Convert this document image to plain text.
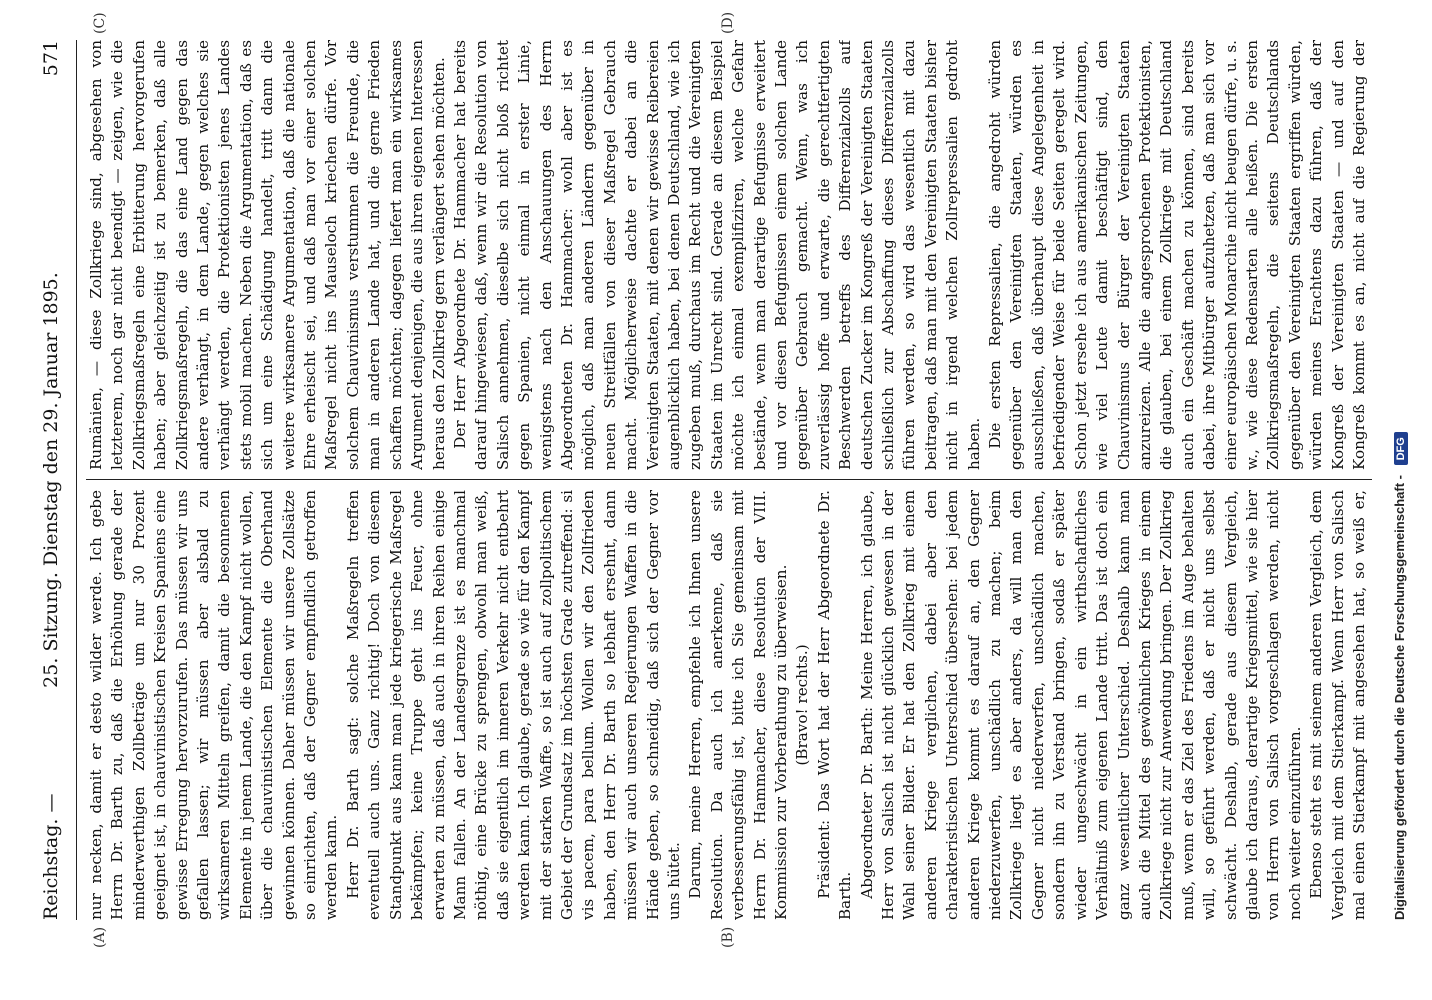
Reichstag. —
25. Sitzung. Dienstag den 29. Januar 1895.
571
(A)	(B)
(C)	(D)

nur necken, damit er desto wilder werde. Ich gebe Herrn Dr. Barth zu, daß die Erhöhung gerade der minderwerthigen Zollbeträge um nur 30 Prozent geeignet ist, in chauvinistischen Kreisen Spaniens eine gewisse Erregung hervorzurufen. Das müssen wir uns gefallen lassen; wir müssen aber alsbald zu wirksameren Mitteln greifen, damit die besonnenen Elemente in jenem Lande, die den Kampf nicht wollen, über die chauvinistischen Elemente die Oberhand gewinnen können. Daher müssen wir unsere Zollsätze so einrichten, daß der Gegner empfindlich getroffen werden kann. Herr Dr. Barth sagt: solche Maßregeln treffen eventuell auch uns. Ganz richtig! Doch von diesem Standpunkt aus kann man jede kriegerische Maßregel bekämpfen; keine Truppe geht ins Feuer, ohne erwarten zu müssen, daß auch in ihren Reihen einige Mann fallen. An der Landesgrenze ist es manchmal nöthig, eine Brücke zu sprengen, obwohl man weiß, daß sie eigentlich im inneren Verkehr nicht entbehrt werden kann. Ich glaube, gerade so wie für den Kampf mit der starken Waffe, so ist auch auf zollpolitischem Gebiet der Grundsatz im höchsten Grade zutreffend: si vis pacem, para bellum. Wollen wir den Zollfrieden haben, den Herr Dr. Barth so lebhaft ersehnt, dann müssen wir auch unseren Regierungen Waffen in die Hände geben, so schneidig, daß sich der Gegner vor uns hütet. Darum, meine Herren, empfehle ich Ihnen unsere Resolution. Da auch ich anerkenne, daß sie verbesserungsfähig ist, bitte ich Sie gemeinsam mit Herrn Dr. Hammacher, diese Resolution der VIII. Kommission zur Vorberathung zu überweisen. (Bravo! rechts.) Präsident: Das Wort hat der Herr Abgeordnete Dr. Barth. Abgeordneter Dr. Barth: Meine Herren, ich glaube, Herr von Salisch ist nicht glücklich gewesen in der Wahl seiner Bilder. Er hat den Zollkrieg mit einem anderen Kriege verglichen, dabei aber den charakteristischen Unterschied übersehen: bei jedem anderen Kriege kommt es darauf an, den Gegner niederzuwerfen, unschädlich zu machen; beim Zollkriege liegt es aber anders, da will man den Gegner nicht niederwerfen, unschädlich machen, sondern ihn zu Verstand bringen, sodaß er später wieder ungeschwächt in ein wirthschaftliches Verhältniß zum eigenen Lande tritt. Das ist doch ein ganz wesentlicher Unterschied. Deshalb kann man auch die Mittel des gewöhnlichen Krieges in einem Zollkriege nicht zur Anwendung bringen. Der Zollkrieg muß, wenn er das Ziel des Friedens im Auge behalten will, so geführt werden, daß er nicht uns selbst schwächt. Deshalb, gerade aus diesem Vergleich, glaube ich daraus, derartige Kriegsmittel, wie sie hier von Herrn von Salisch vorgeschlagen werden, nicht noch weiter einzuführen. Ebenso steht es mit seinem anderen Vergleich, dem Vergleich mit dem Stierkampf. Wenn Herr von Salisch mal einen Stierkampf mit angesehen hat, so weiß er,

Rumänien, — diese Zollkriege sind, abgesehen von letzterem, noch gar nicht beendigt — zeigen, wie die Zollkriegsmaßregeln eine Erbitterung hervorgerufen haben; aber gleichzeitig ist zu bemerken, daß alle Zollkriegsmaßregeln, die das eine Land gegen das andere verhängt, in dem Lande, gegen welches sie verhängt werden, die Protektionisten jenes Landes stets mobil machen. Neben die Argumentation, daß es sich um eine Schädigung handelt, tritt dann die weitere wirksamere Argumentation, daß die nationale Ehre erheischt sei, und daß man vor einer solchen Maßregel nicht ins Mauseloch kriechen dürfe. Vor solchem Chauvinismus verstummen die Freunde, die man in anderen Lande hat, und die gerne Frieden schaffen möchten; dagegen liefert man ein wirksames Argument denjenigen, die aus ihren eigenen Interessen heraus den Zollkrieg gern verlängert sehen möchten. Der Herr Abgeordnete Dr. Hammacher hat bereits darauf hingewiesen, daß, wenn wir die Resolution von Salisch annehmen, dieselbe sich nicht bloß richtet gegen Spanien, nicht einmal in erster Linie, wenigstens nach den Anschauungen des Herrn Abgeordneten Dr. Hammacher: wohl aber ist es möglich, daß man anderen Ländern gegenüber in neuen Streitfällen von dieser Maßregel Gebrauch macht. Möglicherweise dachte er dabei an die Vereinigten Staaten, mit denen wir gewisse Reibereien augenblicklich haben, bei denen Deutschland, wie ich zugeben muß, durchaus im Recht und die Vereinigten Staaten im Unrecht sind. Gerade an diesem Beispiel möchte ich einmal exemplifiziren, welche Gefahr bestände, wenn man derartige Befugnisse erweitert und vor diesen Befugnissen einem solchen Lande gegenüber Gebrauch gemacht. Wenn, was ich zuverlässig hoffe und erwarte, die gerechtfertigten Beschwerden betreffs des Differenzialzolls auf deutschen Zucker im Kongreß der Vereinigten Staaten schließlich zur Abschaffung dieses Differenzialzolls führen werden, so wird das wesentlich mit dazu beitragen, daß man mit den Vereinigten Staaten bisher nicht in irgend welchen Zollrepressalien gedroht haben. Die ersten Repressalien, die angedroht würden gegenüber den Vereinigten Staaten, würden es ausschließen, daß überhaupt diese Angelegenheit in befriedigender Weise für beide Seiten geregelt wird. Schon jetzt ersehe ich aus amerikanischen Zeitungen, wie viel Leute damit beschäftigt sind, den Chauvinismus der Bürger der Vereinigten Staaten anzureizen. Alle die angesprochenen Protektionisten, die glauben, bei einem Zollkriege mit Deutschland auch ein Geschäft machen zu können, sind bereits dabei, ihre Mitbürger aufzuhetzen, daß man sich vor einer europäischen Monarchie nicht beugen dürfe, u. s. w., wie diese Redensarten alle heißen. Die ersten Zollkriegsmaßregeln, die seitens Deutschlands gegenüber den Vereinigten Staaten ergriffen würden, würden meines Erachtens dazu führen, daß der Kongreß der Vereinigten Staaten — und auf den Kongreß kommt es an, nicht auf die Regierung der

Digitalisierung gefördert durch die Deutsche Forschungsgemeinschaft - DFG
